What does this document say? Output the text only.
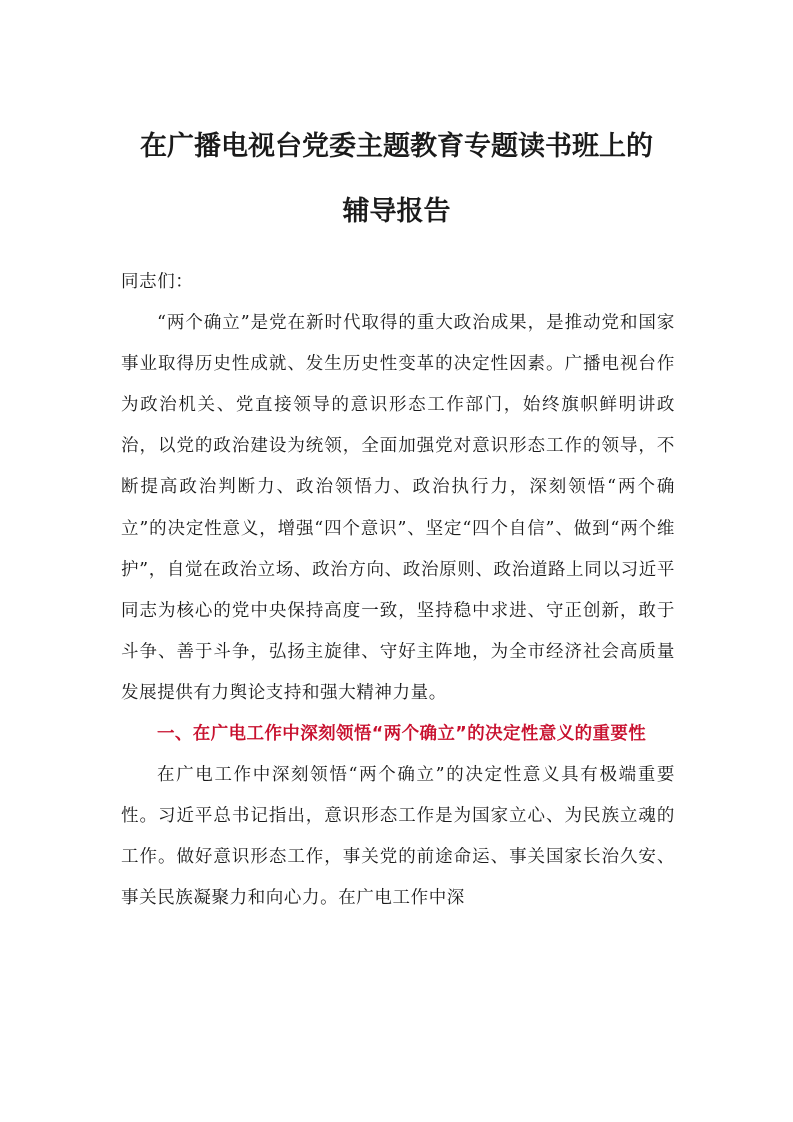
在广播电视台党委主题教育专题读书班上的
辅导报告

同志们：

“两个确立”是党在新时代取得的重大政治成果，是推动党和国家事业取得历史性成就、发生历史性变革的决定性因素。广播电视台作为政治机关、党直接领导的意识形态工作部门，始终旗帜鲜明讲政治，以党的政治建设为统领，全面加强党对意识形态工作的领导，不断提高政治判断力、政治领悟力、政治执行力，深刻领悟“两个确立”的决定性意义，增强“四个意识”、坚定“四个自信”、做到“两个维护”，自觉在政治立场、政治方向、政治原则、政治道路上同以习近平同志为核心的党中央保持高度一致，坚持稳中求进、守正创新，敢于斗争、善于斗争，弘扬主旋律、守好主阵地，为全市经济社会高质量发展提供有力舆论支持和强大精神力量。

一、在广电工作中深刻领悟“两个确立”的决定性意义的重要性

在广电工作中深刻领悟“两个确立”的决定性意义具有极端重要性。习近平总书记指出，意识形态工作是为国家立心、为民族立魂的工作。做好意识形态工作，事关党的前途命运、事关国家长治久安、事关民族凝聚力和向心力。在广电工作中深
